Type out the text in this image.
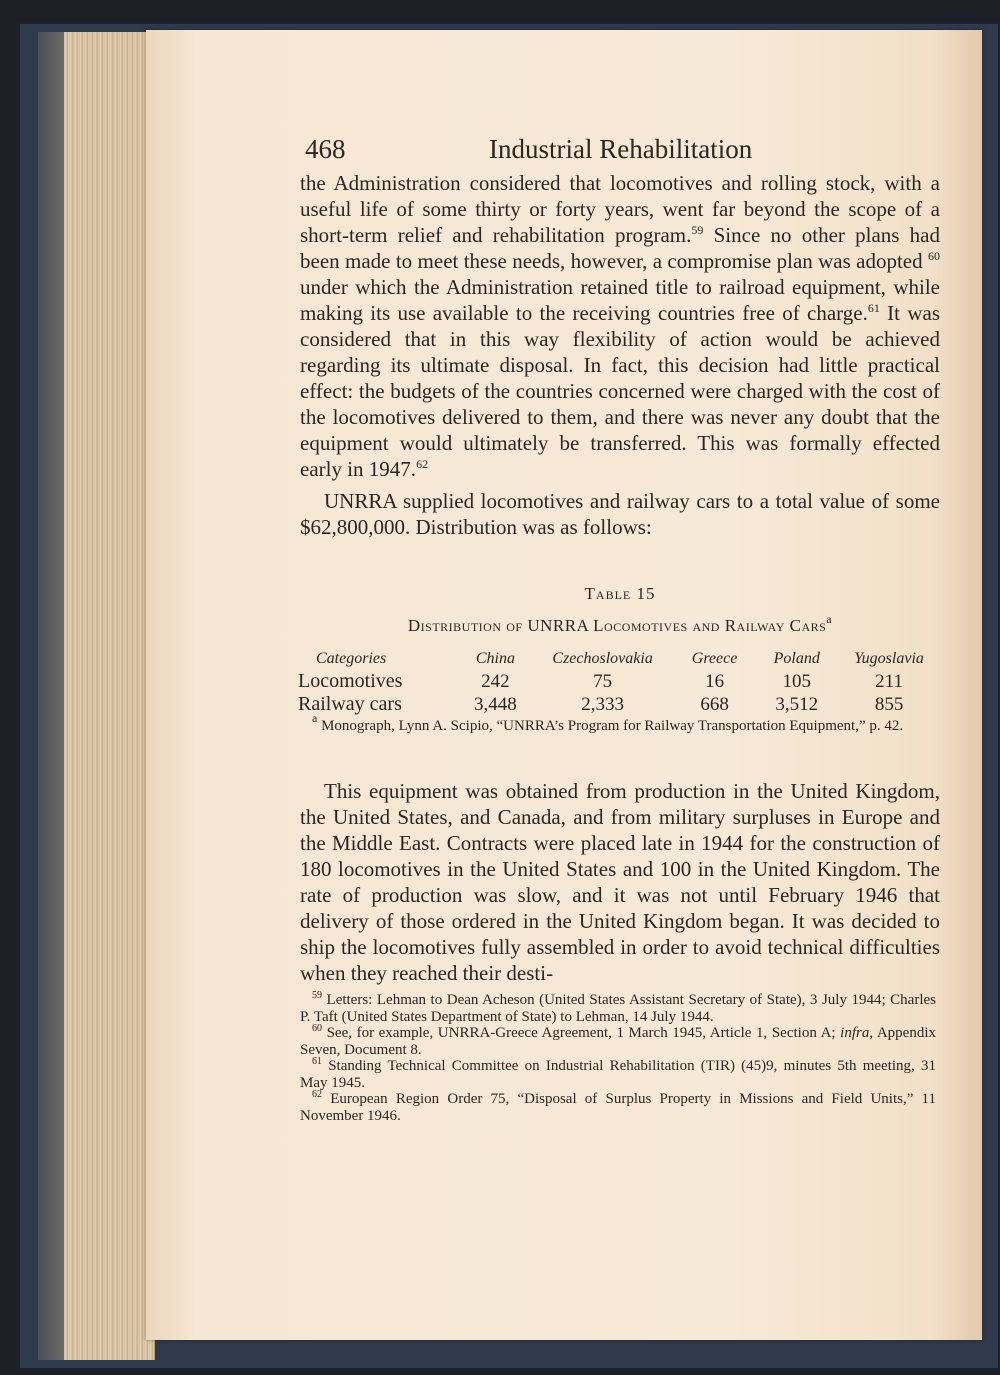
468	Industrial Rehabilitation

the Administration considered that locomotives and rolling stock, with a useful life of some thirty or forty years, went far beyond the scope of a short-term relief and rehabilitation program.$^{59}$ Since no other plans had been made to meet these needs, however, a compromise plan was adopted $^{60}$ under which the Administration retained title to railroad equipment, while making its use available to the receiving countries free of charge.$^{61}$ It was considered that in this way flexibility of action would be achieved regarding its ultimate disposal. In fact, this decision had little practical effect: the budgets of the countries concerned were charged with the cost of the locomotives delivered to them, and there was never any doubt that the equipment would ultimately be transferred. This was formally effected early in 1947.62

UNRRA supplied locomotives and railway cars to a total value of some $62,800,000. Distribution was as follows:

Table 15
Distribution of UNRRA Locomotives and Railway Cars$^a$
Categories	China	Czechoslovakia	Greece	Poland	Yugoslavia
Locomotives	242	75	16	105	211
Railway cars	3,448	2,333	668	3,512	855

$^a$ Monograph, Lynn A. Scipio, “UNRRA’s Program for Railway Transportation Equipment,” p. 42.

This equipment was obtained from production in the United Kingdom, the United States, and Canada, and from military surpluses in Europe and the Middle East. Contracts were placed late in 1944 for the construction of 180 locomotives in the United States and 100 in the United Kingdom. The rate of production was slow, and it was not until February 1946 that delivery of those ordered in the United Kingdom began. It was decided to ship the locomotives fully assembled in order to avoid technical difficulties when they reached their desti-

$^{59}$ Letters: Lehman to Dean Acheson (United States Assistant Secretary of State), 3 July 1944; Charles P. Taft (United States Department of State) to Lehman, 14 July 1944.

$^{60}$ See, for example, UNRRA-Greece Agreement, 1 March 1945, Article 1, Section A; infra, Appendix Seven, Document 8.

$^{61}$ Standing Technical Committee on Industrial Rehabilitation (TIR) (45)9, minutes 5th meeting, 31 May 1945.

$^{62}$ European Region Order 75, “Disposal of Surplus Property in Missions and Field Units,” 11 November 1946.
